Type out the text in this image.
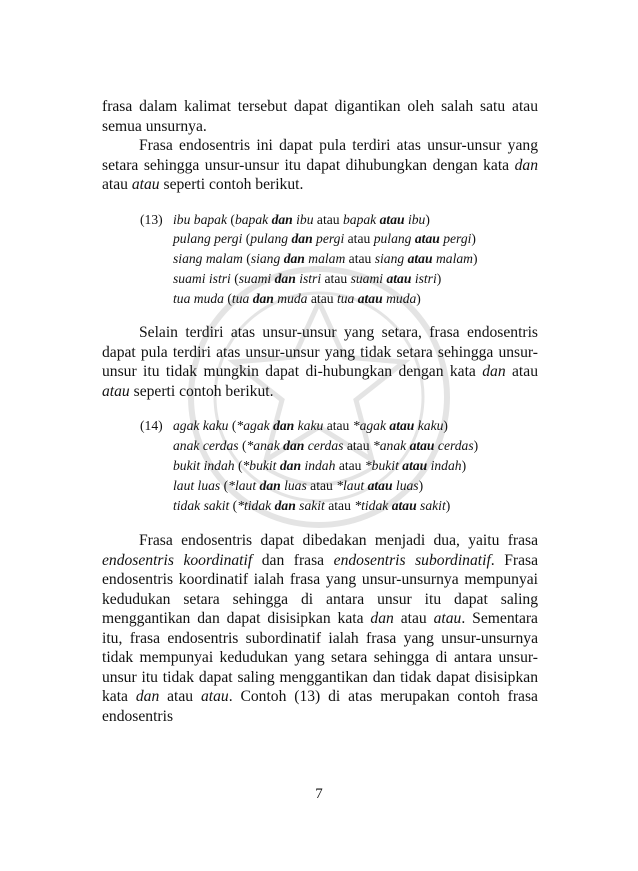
frasa dalam kalimat tersebut dapat digantikan oleh salah satu atau semua unsurnya.

Frasa endosentris ini dapat pula terdiri atas unsur-unsur yang setara sehingga unsur-unsur itu dapat dihubungkan dengan kata dan atau atau seperti contoh berikut.

(13) ibu bapak (bapak dan ibu atau bapak atau ibu)
pulang pergi (pulang dan pergi atau pulang atau pergi)
siang malam (siang dan malam atau siang atau malam)
suami istri (suami dan istri atau suami atau istri)
tua muda (tua dan muda atau tua atau muda)

Selain terdiri atas unsur-unsur yang setara, frasa endosentris dapat pula terdiri atas unsur-unsur yang tidak setara sehingga unsur-unsur itu tidak mungkin dapat di-hubungkan dengan kata dan atau atau seperti contoh berikut.

(14) agak kaku (*agak dan kaku atau *agak atau kaku)
anak cerdas (*anak dan cerdas atau *anak atau cerdas)
bukit indah (*bukit dan indah atau *bukit atau indah)
laut luas (*laut dan luas atau *laut atau luas)
tidak sakit (*tidak dan sakit atau *tidak atau sakit)

Frasa endosentris dapat dibedakan menjadi dua, yaitu frasa endosentris koordinatif dan frasa endosentris subordinatif. Frasa endosentris koordinatif ialah frasa yang unsur-unsurnya mempunyai kedudukan setara sehingga di antara unsur itu dapat saling menggantikan dan dapat disisipkan kata dan atau atau. Sementara itu, frasa endosentris subordinatif ialah frasa yang unsur-unsurnya tidak mempunyai kedudukan yang setara sehingga di antara unsur-unsur itu tidak dapat saling menggantikan dan tidak dapat disisipkan kata dan atau atau. Contoh (13) di atas merupakan contoh frasa endosentris

7
